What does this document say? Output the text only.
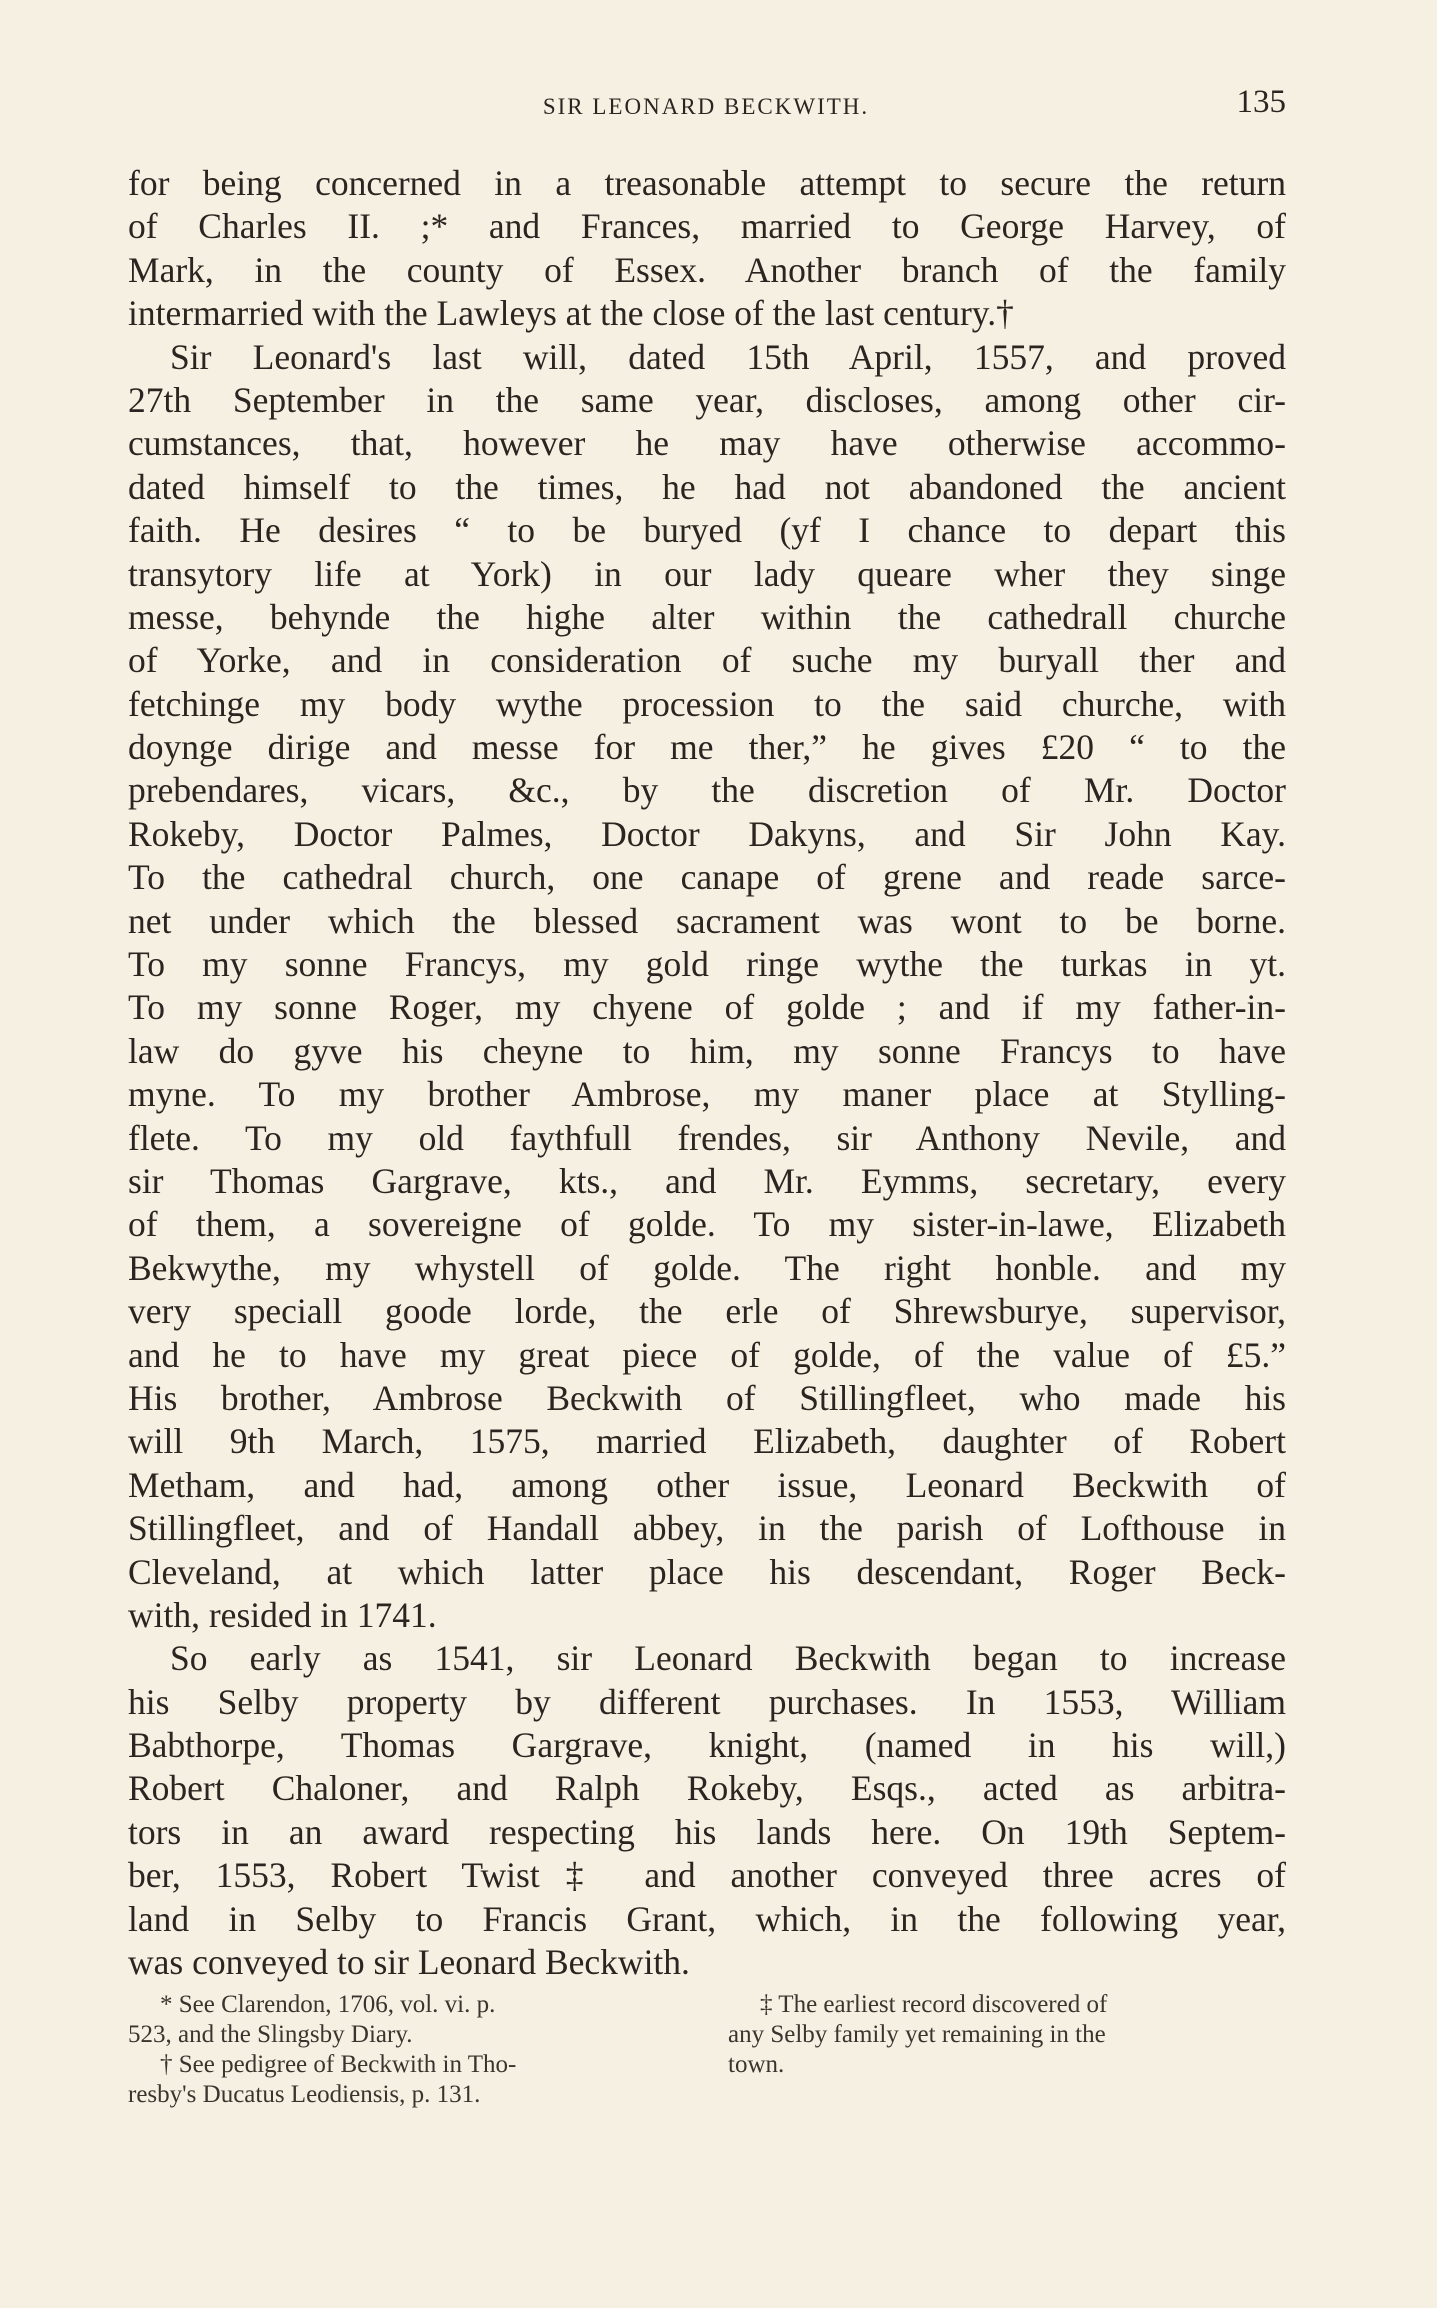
SIR LEONARD BECKWITH.	135
for being concerned in a treasonable attempt to secure the return
of Charles II. ;* and Frances, married to George Harvey, of
Mark, in the county of Essex. Another branch of the family
intermarried with the Lawleys at the close of the last century.†
Sir Leonard's last will, dated 15th April, 1557, and proved
27th September in the same year, discloses, among other cir-
cumstances, that, however he may have otherwise accommo-
dated himself to the times, he had not abandoned the ancient
faith. He desires “ to be buryed (yf I chance to depart this
transytory life at York) in our lady queare wher they singe
messe, behynde the highe alter within the cathedrall churche
of Yorke, and in consideration of suche my buryall ther and
fetchinge my body wythe procession to the said churche, with
doynge dirige and messe for me ther,” he gives £20 “ to the
prebendares, vicars, &c., by the discretion of Mr. Doctor
Rokeby, Doctor Palmes, Doctor Dakyns, and Sir John Kay.
To the cathedral church, one canape of grene and reade sarce-
net under which the blessed sacrament was wont to be borne.
To my sonne Francys, my gold ringe wythe the turkas in yt.
To my sonne Roger, my chyene of golde ; and if my father-in-
law do gyve his cheyne to him, my sonne Francys to have
myne. To my brother Ambrose, my maner place at Stylling-
flete. To my old faythfull frendes, sir Anthony Nevile, and
sir Thomas Gargrave, kts., and Mr. Eymms, secretary, every
of them, a sovereigne of golde. To my sister-in-lawe, Elizabeth
Bekwythe, my whystell of golde. The right honble. and my
very speciall goode lorde, the erle of Shrewsburye, supervisor,
and he to have my great piece of golde, of the value of £5.”
His brother, Ambrose Beckwith of Stillingfleet, who made his
will 9th March, 1575, married Elizabeth, daughter of Robert
Metham, and had, among other issue, Leonard Beckwith of
Stillingfleet, and of Handall abbey, in the parish of Lofthouse in
Cleveland, at which latter place his descendant, Roger Beck-
with, resided in 1741.
So early as 1541, sir Leonard Beckwith began to increase
his Selby property by different purchases. In 1553, William
Babthorpe, Thomas Gargrave, knight, (named in his will,)
Robert Chaloner, and Ralph Rokeby, Esqs., acted as arbitra-
tors in an award respecting his lands here. On 19th Septem-
ber, 1553, Robert Twist‡ and another conveyed three acres of
land in Selby to Francis Grant, which, in the following year,
was conveyed to sir Leonard Beckwith.
* See Clarendon, 1706, vol. vi. p.
523, and the Slingsby Diary.
† See pedigree of Beckwith in Tho-
resby's Ducatus Leodiensis, p. 131.
‡ The earliest record discovered of
any Selby family yet remaining in the
town.
